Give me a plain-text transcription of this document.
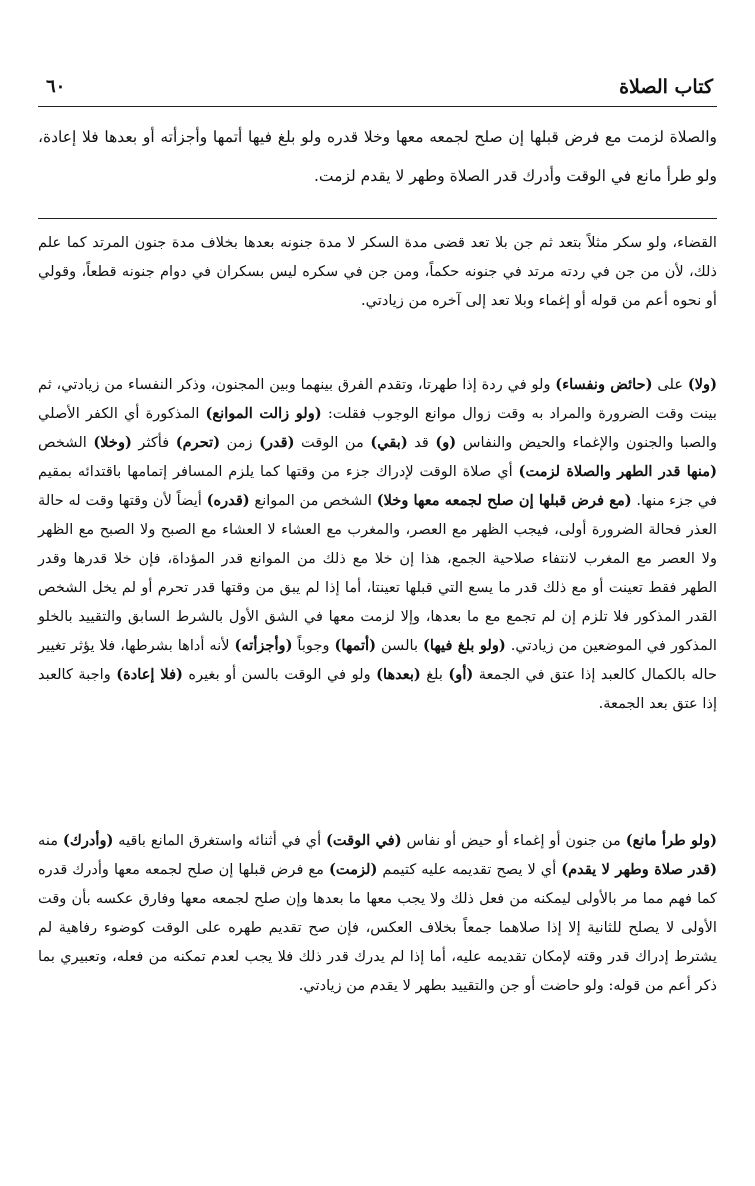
٦٠	كتاب الصلاة

والصلاة لزمت مع فرض قبلها إن صلح لجمعه معها وخلا قدره ولو بلغ فيها أتمها وأجزأته أو بعدها فلا إعادة، ولو طرأ مانع في الوقت وأدرك قدر الصلاة وطهر لا يقدم لزمت.

القضاء، ولو سكر مثلاً بتعد ثم جن بلا تعد قضى مدة السكر لا مدة جنونه بعدها بخلاف مدة جنون المرتد كما علم ذلك، لأن من جن في ردته مرتد في جنونه حكماً، ومن جن في سكره ليس بسكران في دوام جنونه قطعاً، وقولي أو نحوه أعم من قوله أو إغماء وبلا تعد إلى آخره من زيادتي.

(ولا) على (حائض ونفساء) ولو في ردة إذا طهرتا، وتقدم الفرق بينهما وبين المجنون، وذكر النفساء من زيادتي، ثم بينت وقت الضرورة والمراد به وقت زوال موانع الوجوب فقلت: (ولو زالت الموانع) المذكورة أي الكفر الأصلي والصبا والجنون والإغماء والحيض والنفاس (و) قد (بقي) من الوقت (قدر) زمن (تحرم) فأكثر (وخلا) الشخص (منها قدر الطهر والصلاة لزمت) أي صلاة الوقت لإدراك جزء من وقتها كما يلزم المسافر إتمامها باقتدائه بمقيم في جزء منها. (مع فرض قبلها إن صلح لجمعه معها وخلا) الشخص من الموانع (قدره) أيضاً لأن وقتها وقت له حالة العذر فحالة الضرورة أولى، فيجب الظهر مع العصر، والمغرب مع العشاء لا العشاء مع الصبح ولا الصبح مع الظهر ولا العصر مع المغرب لانتفاء صلاحية الجمع، هذا إن خلا مع ذلك من الموانع قدر المؤداة، فإن خلا قدرها وقدر الطهر فقط تعينت أو مع ذلك قدر ما يسع التي قبلها تعينتا، أما إذا لم يبق من وقتها قدر تحرم أو لم يخل الشخص القدر المذكور فلا تلزم إن لم تجمع مع ما بعدها، وإلا لزمت معها في الشق الأول بالشرط السابق والتقييد بالخلو المذكور في الموضعين من زيادتي. (ولو بلغ فيها) بالسن (أتمها) وجوباً (وأجزأته) لأنه أداها بشرطها، فلا يؤثر تغيير حاله بالكمال كالعبد إذا عتق في الجمعة (أو) بلغ (بعدها) ولو في الوقت بالسن أو بغيره (فلا إعادة) واجبة كالعبد إذا عتق بعد الجمعة.

(ولو طرأ مانع) من جنون أو إغماء أو حيض أو نفاس (في الوقت) أي في أثنائه واستغرق المانع باقيه (وأدرك) منه (قدر صلاة وطهر لا يقدم) أي لا يصح تقديمه عليه كتيمم (لزمت) مع فرض قبلها إن صلح لجمعه معها وأدرك قدره كما فهم مما مر بالأولى ليمكنه من فعل ذلك ولا يجب معها ما بعدها وإن صلح لجمعه معها وفارق عكسه بأن وقت الأولى لا يصلح للثانية إلا إذا صلاهما جمعاً بخلاف العكس، فإن صح تقديم طهره على الوقت كوضوء رفاهية لم يشترط إدراك قدر وقته لإمكان تقديمه عليه، أما إذا لم يدرك قدر ذلك فلا يجب لعدم تمكنه من فعله، وتعبيري بما ذكر أعم من قوله: ولو حاضت أو جن والتقييد بطهر لا يقدم من زيادتي.
